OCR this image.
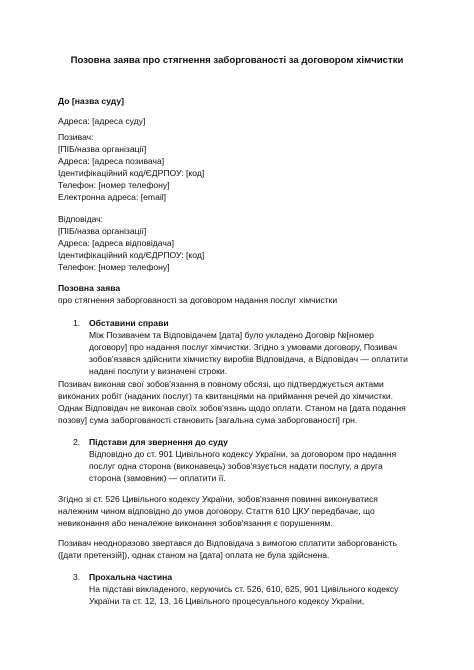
Позовна заява про стягнення заборгованості за договором хімчистки
До [назва суду]
Адреса: [адреса суду]
Позивач:
[ПІБ/назва організації]
Адреса: [адреса позивача]
Ідентифікаційний код/ЄДРПОУ: [код]
Телефон: [номер телефону]
Електронна адреса: [email]
Відповідач:
[ПІБ/назва організації]
Адреса: [адреса відповідача]
Ідентифікаційний код/ЄДРПОУ: [код]
Телефон: [номер телефону]
Позовна заява
про стягнення заборгованості за договором надання послуг хімчистки
1. Обставини справи
Між Позивачем та Відповідачем [дата] було укладено Договір №[номер
договору] про надання послуг хімчистки. Згідно з умовами договору, Позивач
зобов'язався здійснити хімчистку виробів Відповідача, а Відповідач — оплатити
надані послуги у визначені строки.
Позивач виконав свої зобов'язання в повному обсязі, що підтверджується актами
виконаних робіт (наданих послуг) та квитанціями на приймання речей до хімчистки.
Однак Відповідач не виконав своїх зобов'язань щодо оплати. Станом на [дата подання
позову] сума заборгованості становить [загальна сума заборгованості] грн.
2. Підстави для звернення до суду
Відповідно до ст. 901 Цивільного кодексу України, за договором про надання
послуг одна сторона (виконавець) зобов'язується надати послугу, а друга
сторона (замовник) — оплатити її.
Згідно зі ст. 526 Цивільного кодексу України, зобов'язання повинні виконуватися
належним чином відповідно до умов договору. Стаття 610 ЦКУ передбачає, що
невиконання або неналежне виконання зобов'язання є порушенням.
Позивач неодноразово звертався до Відповідача з вимогою сплатити заборгованість
([дати претензій]), однак станом на [дата] оплата не була здійснена.
3. Прохальна частина
На підставі викладеного, керуючись ст. 526, 610, 625, 901 Цивільного кодексу
України та ст. 12, 13, 16 Цивільного процесуального кодексу України,
